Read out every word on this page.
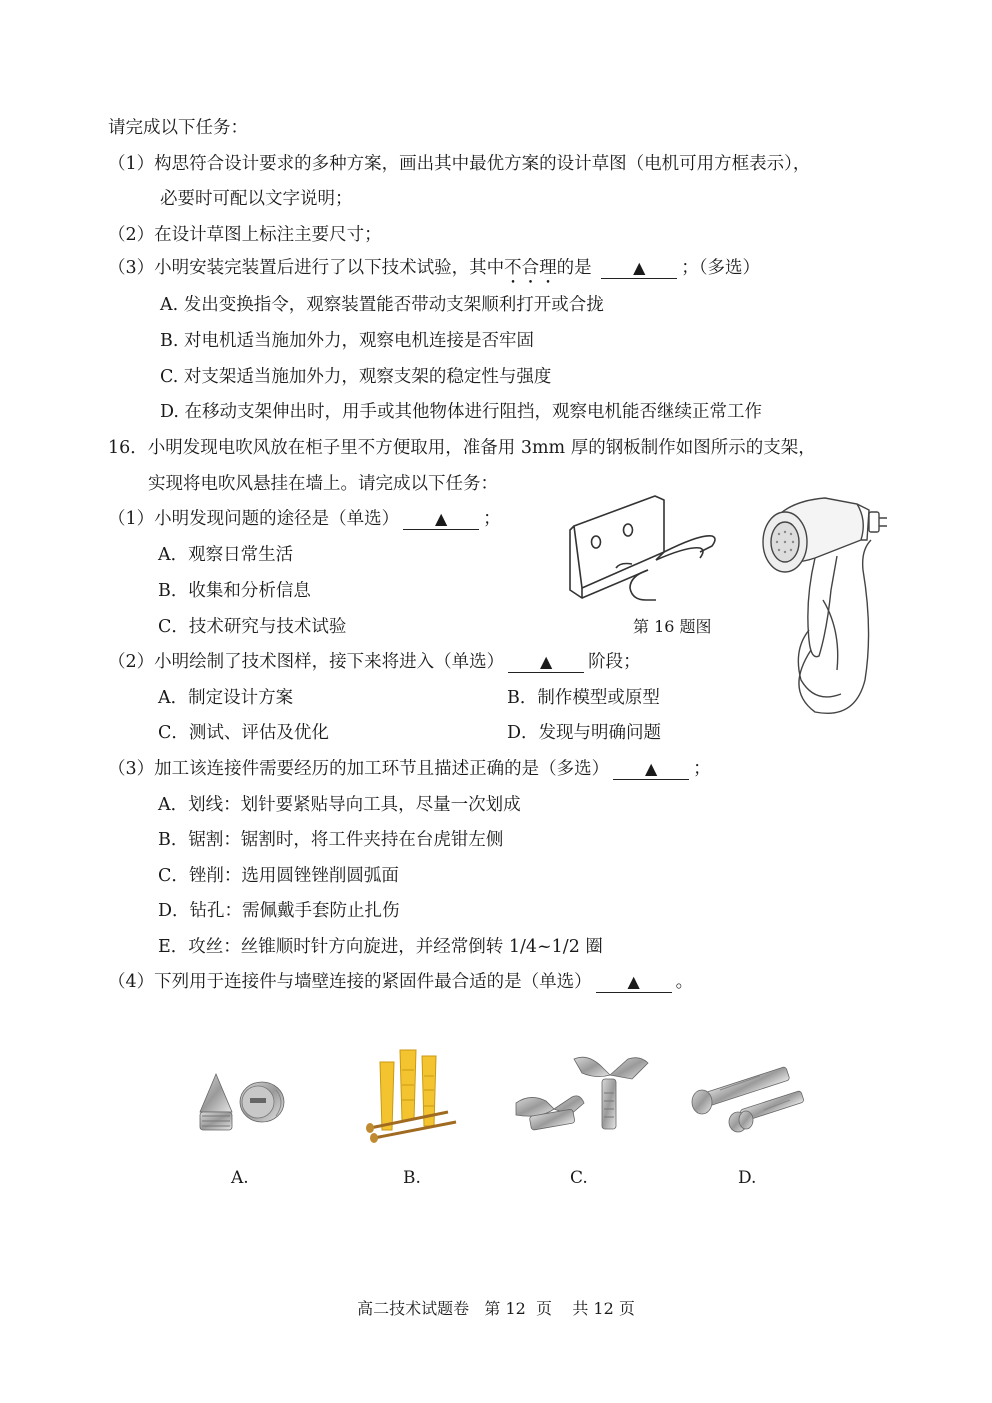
请完成以下任务：
（1）构思符合设计要求的多种方案，画出其中最优方案的设计草图（电机可用方框表示），
必要时可配以文字说明；
（2）在设计草图上标注主要尺寸；
（3）小明安装完装置后进行了以下技术试验，其中不合理的是	▲ ；（多选）
A. 发出变换指令，观察装置能否带动支架顺利打开或合拢
B. 对电机适当施加外力，观察电机连接是否牢固
C. 对支架适当施加外力，观察支架的稳定性与强度
D. 在移动支架伸出时，用手或其他物体进行阻挡，观察电机能否继续正常工作
16．小明发现电吹风放在柜子里不方便取用，准备用 3mm 厚的钢板制作如图所示的支架，
实现将电吹风悬挂在墙上。请完成以下任务：
（1）小明发现问题的途径是（单选） ▲ ；
A．观察日常生活
B．收集和分析信息
C．技术研究与技术试验
（2）小明绘制了技术图样，接下来将进入（单选） ▲ 阶段；
A．制定设计方案	B．制作模型或原型
C．测试、评估及优化	D．发现与明确问题
（3）加工该连接件需要经历的加工环节且描述正确的是（多选） ▲ ；
A．划线：划针要紧贴导向工具，尽量一次划成
B．锯割：锯割时，将工件夹持在台虎钳左侧
C．锉削：选用圆锉锉削圆弧面
D．钻孔：需佩戴手套防止扎伤
E．攻丝：丝锥顺时针方向旋进，并经常倒转 1/4~1/2 圈
（4）下列用于连接件与墙壁连接的紧固件最合适的是（单选） ▲ 。
第 16 题图
A.	B.	C.	D.
高二技术试题卷   第 12  页    共 12 页
